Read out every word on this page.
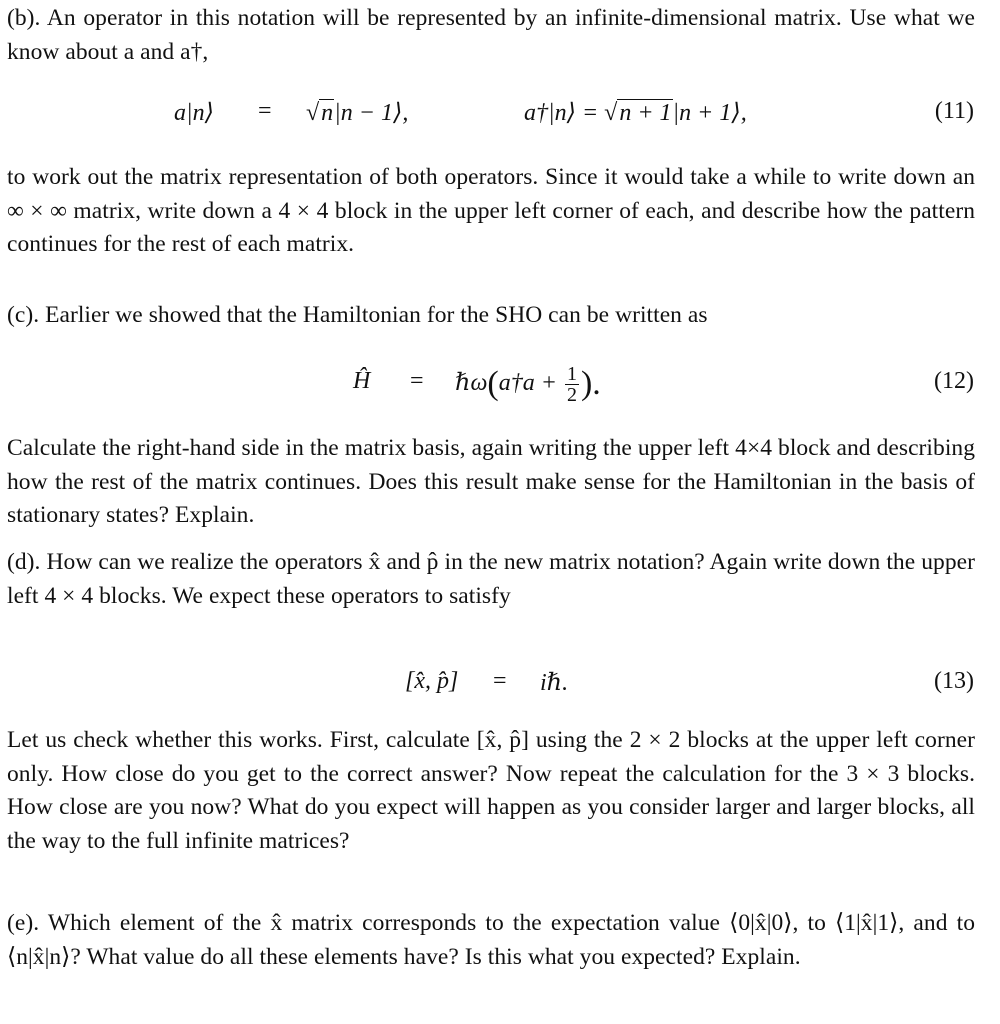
(b). An operator in this notation will be represented by an infinite-dimensional matrix. Use what we know about a and a†,

a|n⟩ = √n|n − 1⟩,	a†|n⟩ = √n + 1|n + 1⟩,	(11)

to work out the matrix representation of both operators. Since it would take a while to write down an ∞ × ∞ matrix, write down a 4 × 4 block in the upper left corner of each, and describe how the pattern continues for the rest of each matrix.

(c). Earlier we showed that the Hamiltonian for the SHO can be written as

Ĥ = ℏω(a†a + $\frac{1}{2}$ ).	(12)

Calculate the right-hand side in the matrix basis, again writing the upper left 4×4 block and describing how the rest of the matrix continues. Does this result make sense for the Hamiltonian in the basis of stationary states? Explain.

(d). How can we realize the operators x̂ and p̂ in the new matrix notation? Again write down the upper left 4 × 4 blocks. We expect these operators to satisfy

[x̂, p̂] = iℏ.	(13)

Let us check whether this works. First, calculate [x̂, p̂] using the 2 × 2 blocks at the upper left corner only. How close do you get to the correct answer? Now repeat the calculation for the 3 × 3 blocks. How close are you now? What do you expect will happen as you consider larger and larger blocks, all the way to the full infinite matrices?

(e). Which element of the x̂ matrix corresponds to the expectation value ⟨0|x̂|0⟩, to ⟨1|x̂|1⟩, and to ⟨n|x̂|n⟩? What value do all these elements have? Is this what you expected? Explain.
